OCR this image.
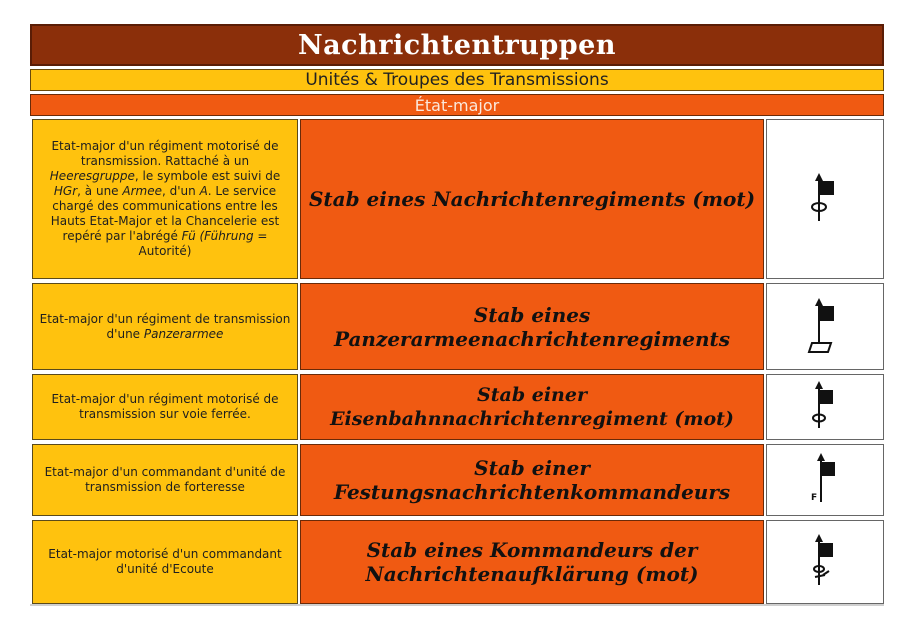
Nachrichtentruppen
Unités & Troupes des Transmissions
État-major
Etat-major d'un régiment motorisé de transmission. Rattaché à un Heeresgruppe, le symbole est suivi de HGr, à une Armee, d'un A. Le service chargé des communications entre les Hauts Etat-Major et la Chancelerie est repéré par l'abrégé Fü (Führung = Autorité)
Stab eines Nachrichtenregiments (mot)
Etat-major d'un régiment de transmission d'une Panzerarmee
Stab eines Panzerarmeenachrichtenregiments
Etat-major d'un régiment motorisé de transmission sur voie ferrée.
Stab einer Eisenbahnnachrichtenregiment (mot)
Etat-major d'un commandant d'unité de transmission de forteresse
Stab einer Festungsnachrichtenkommandeurs	F
Etat-major motorisé d'un commandant d'unité d'Ecoute
Stab eines Kommandeurs der Nachrichtenaufklärung (mot)
